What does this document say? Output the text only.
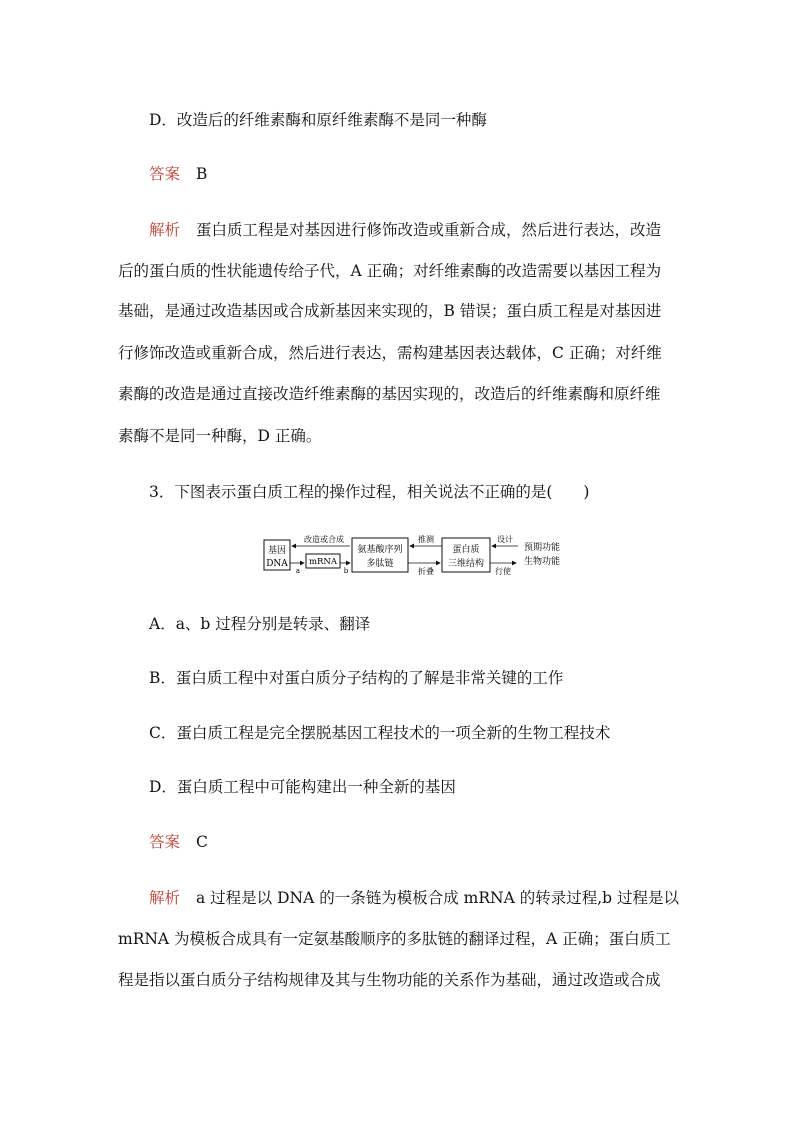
D．改造后的纤维素酶和原纤维素酶不是同一种酶
答案 B
解析 蛋白质工程是对基因进行修饰改造或重新合成，然后进行表达，改造
后的蛋白质的性状能遗传给子代，A 正确；对纤维素酶的改造需要以基因工程为
基础，是通过改造基因或合成新基因来实现的，B 错误；蛋白质工程是对基因进
行修饰改造或重新合成，然后进行表达，需构建基因表达载体，C 正确；对纤维
素酶的改造是通过直接改造纤维素酶的基因实现的，改造后的纤维素酶和原纤维
素酶不是同一种酶，D 正确。
3．下图表示蛋白质工程的操作过程，相关说法不正确的是(　　)
基因
DNA
改造或合成
a
mRNA
b
氨基酸序列
多肽链
推测
折叠
蛋白质
三维结构
设计
行使
预期功能
生物功能
A．a、b 过程分别是转录、翻译
B．蛋白质工程中对蛋白质分子结构的了解是非常关键的工作
C．蛋白质工程是完全摆脱基因工程技术的一项全新的生物工程技术
D．蛋白质工程中可能构建出一种全新的基因
答案 C
解析 a 过程是以 DNA 的一条链为模板合成 mRNA 的转录过程,b 过程是以
mRNA 为模板合成具有一定氨基酸顺序的多肽链的翻译过程，A 正确；蛋白质工
程是指以蛋白质分子结构规律及其与生物功能的关系作为基础，通过改造或合成
